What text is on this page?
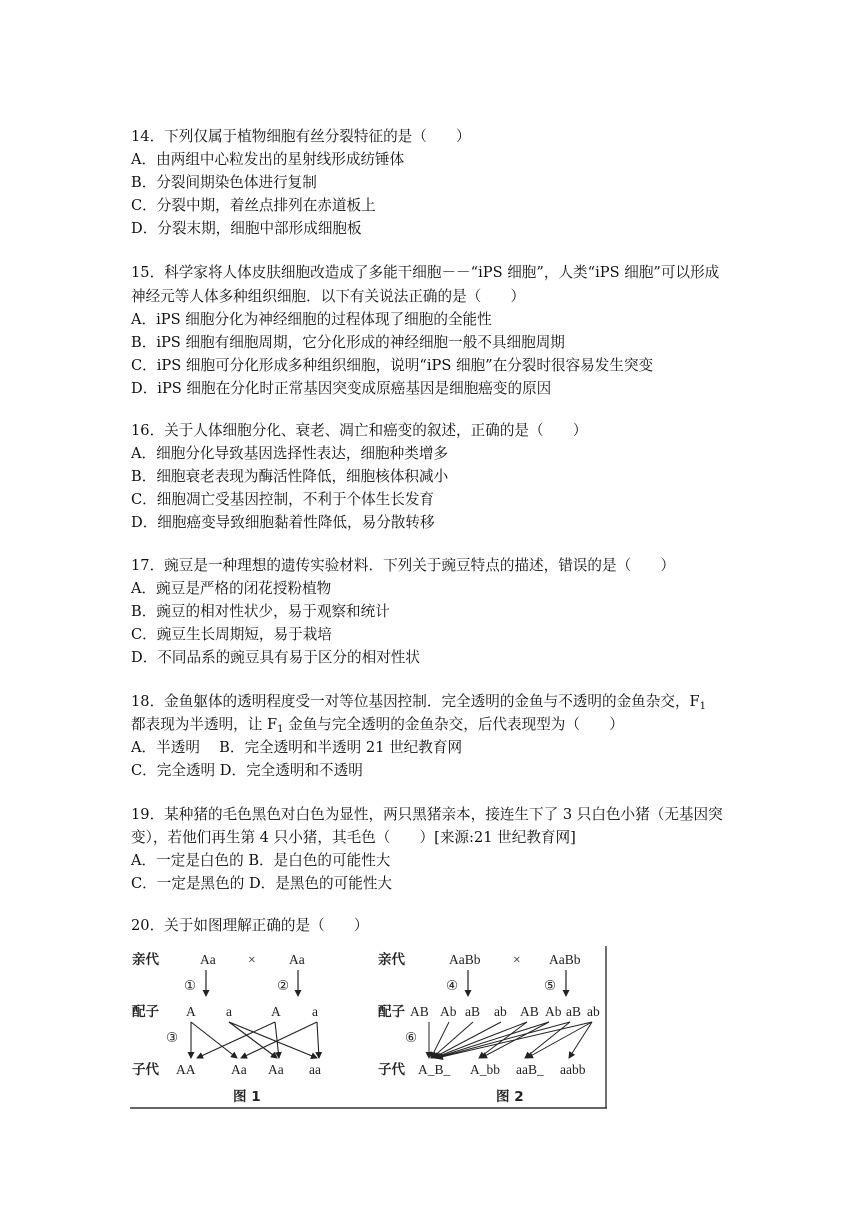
14．下列仅属于植物细胞有丝分裂特征的是（　　）
A．由两组中心粒发出的星射线形成纺锤体
B．分裂间期染色体进行复制
C．分裂中期，着丝点排列在赤道板上
D．分裂末期，细胞中部形成细胞板
15．科学家将人体皮肤细胞改造成了多能干细胞－－“iPS 细胞”，人类“iPS 细胞”可以形成
神经元等人体多种组织细胞．以下有关说法正确的是（　　）
A．iPS 细胞分化为神经细胞的过程体现了细胞的全能性
B．iPS 细胞有细胞周期，它分化形成的神经细胞一般不具细胞周期
C．iPS 细胞可分化形成多种组织细胞，说明“iPS 细胞”在分裂时很容易发生突变
D．iPS 细胞在分化时正常基因突变成原癌基因是细胞癌变的原因
16．关于人体细胞分化、衰老、凋亡和癌变的叙述，正确的是（　　）
A．细胞分化导致基因选择性表达，细胞种类增多
B．细胞衰老表现为酶活性降低，细胞核体积减小
C．细胞凋亡受基因控制，不利于个体生长发育
D．细胞癌变导致细胞黏着性降低，易分散转移
17．豌豆是一种理想的遗传实验材料．下列关于豌豆特点的描述，错误的是（　　）
A．豌豆是严格的闭花授粉植物
B．豌豆的相对性状少，易于观察和统计
C．豌豆生长周期短，易于栽培
D．不同品系的豌豆具有易于区分的相对性状
18．金鱼躯体的透明程度受一对等位基因控制．完全透明的金鱼与不透明的金鱼杂交，$F_1$
都表现为半透明，让 $F_1$ 金鱼与完全透明的金鱼杂交，后代表现型为（　　）
A．半透明　 B．完全透明和半透明 21 世纪教育网
C．完全透明 D．完全透明和不透明
19．某种猪的毛色黑色对白色为显性，两只黑猪亲本，接连生下了 3 只白色小猪（无基因突
变），若他们再生第 4 只小猪，其毛色（　　）[来源:21 世纪教育网]
A．一定是白色的 B．是白色的可能性大
C．一定是黑色的 D．是黑色的可能性大
20．关于如图理解正确的是（　　）
亲代	Aa × Aa
①	②
配子 A a	A a
③
子代 AA	Aa Aa aa
图 1
亲代	AaBb × AaBb
④	⑤
配子 AB Ab aB ab AB Ab aB ab
⑥
子代 A_B_ A_bb aaB_ aabb
图 2
